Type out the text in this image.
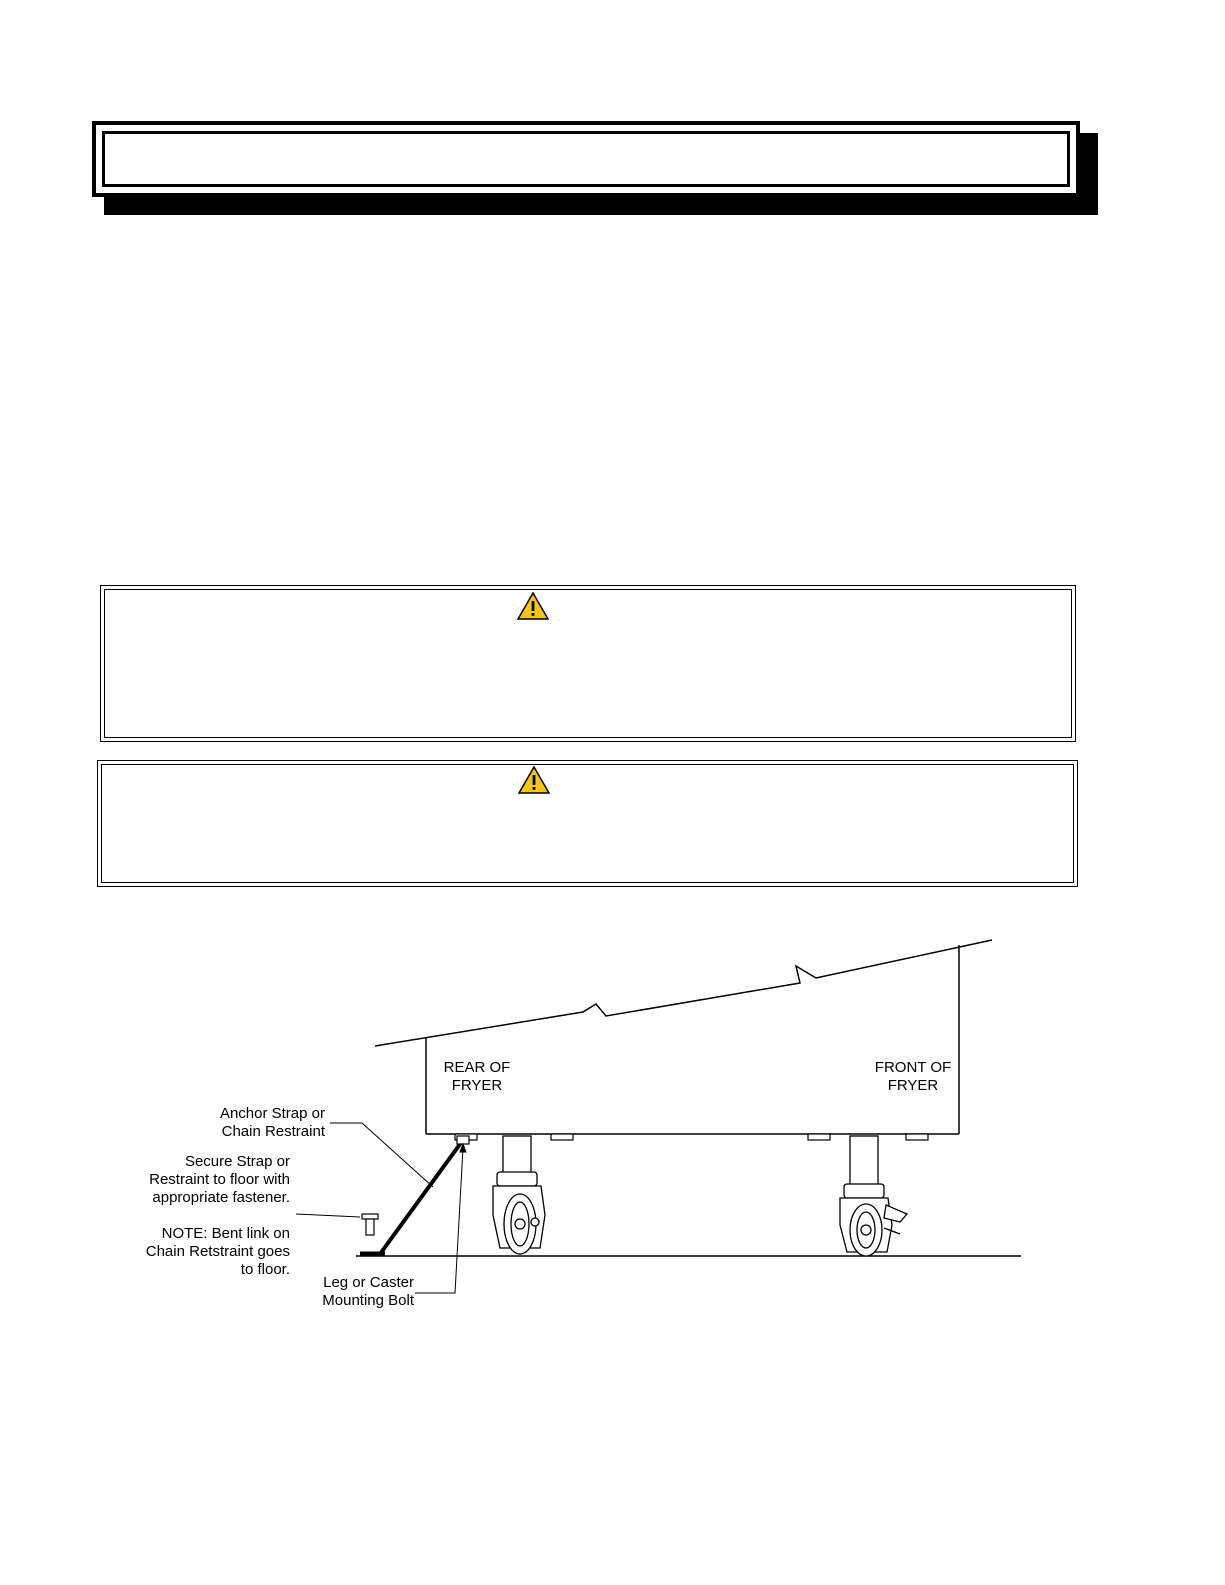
REAR OF
FRYER
FRONT OF
FRYER
Anchor Strap or
Chain Restraint
Secure Strap or
Restraint to floor with
appropriate fastener.
NOTE: Bent link on
Chain Retstraint goes
to floor.
Leg or Caster
Mounting Bolt
